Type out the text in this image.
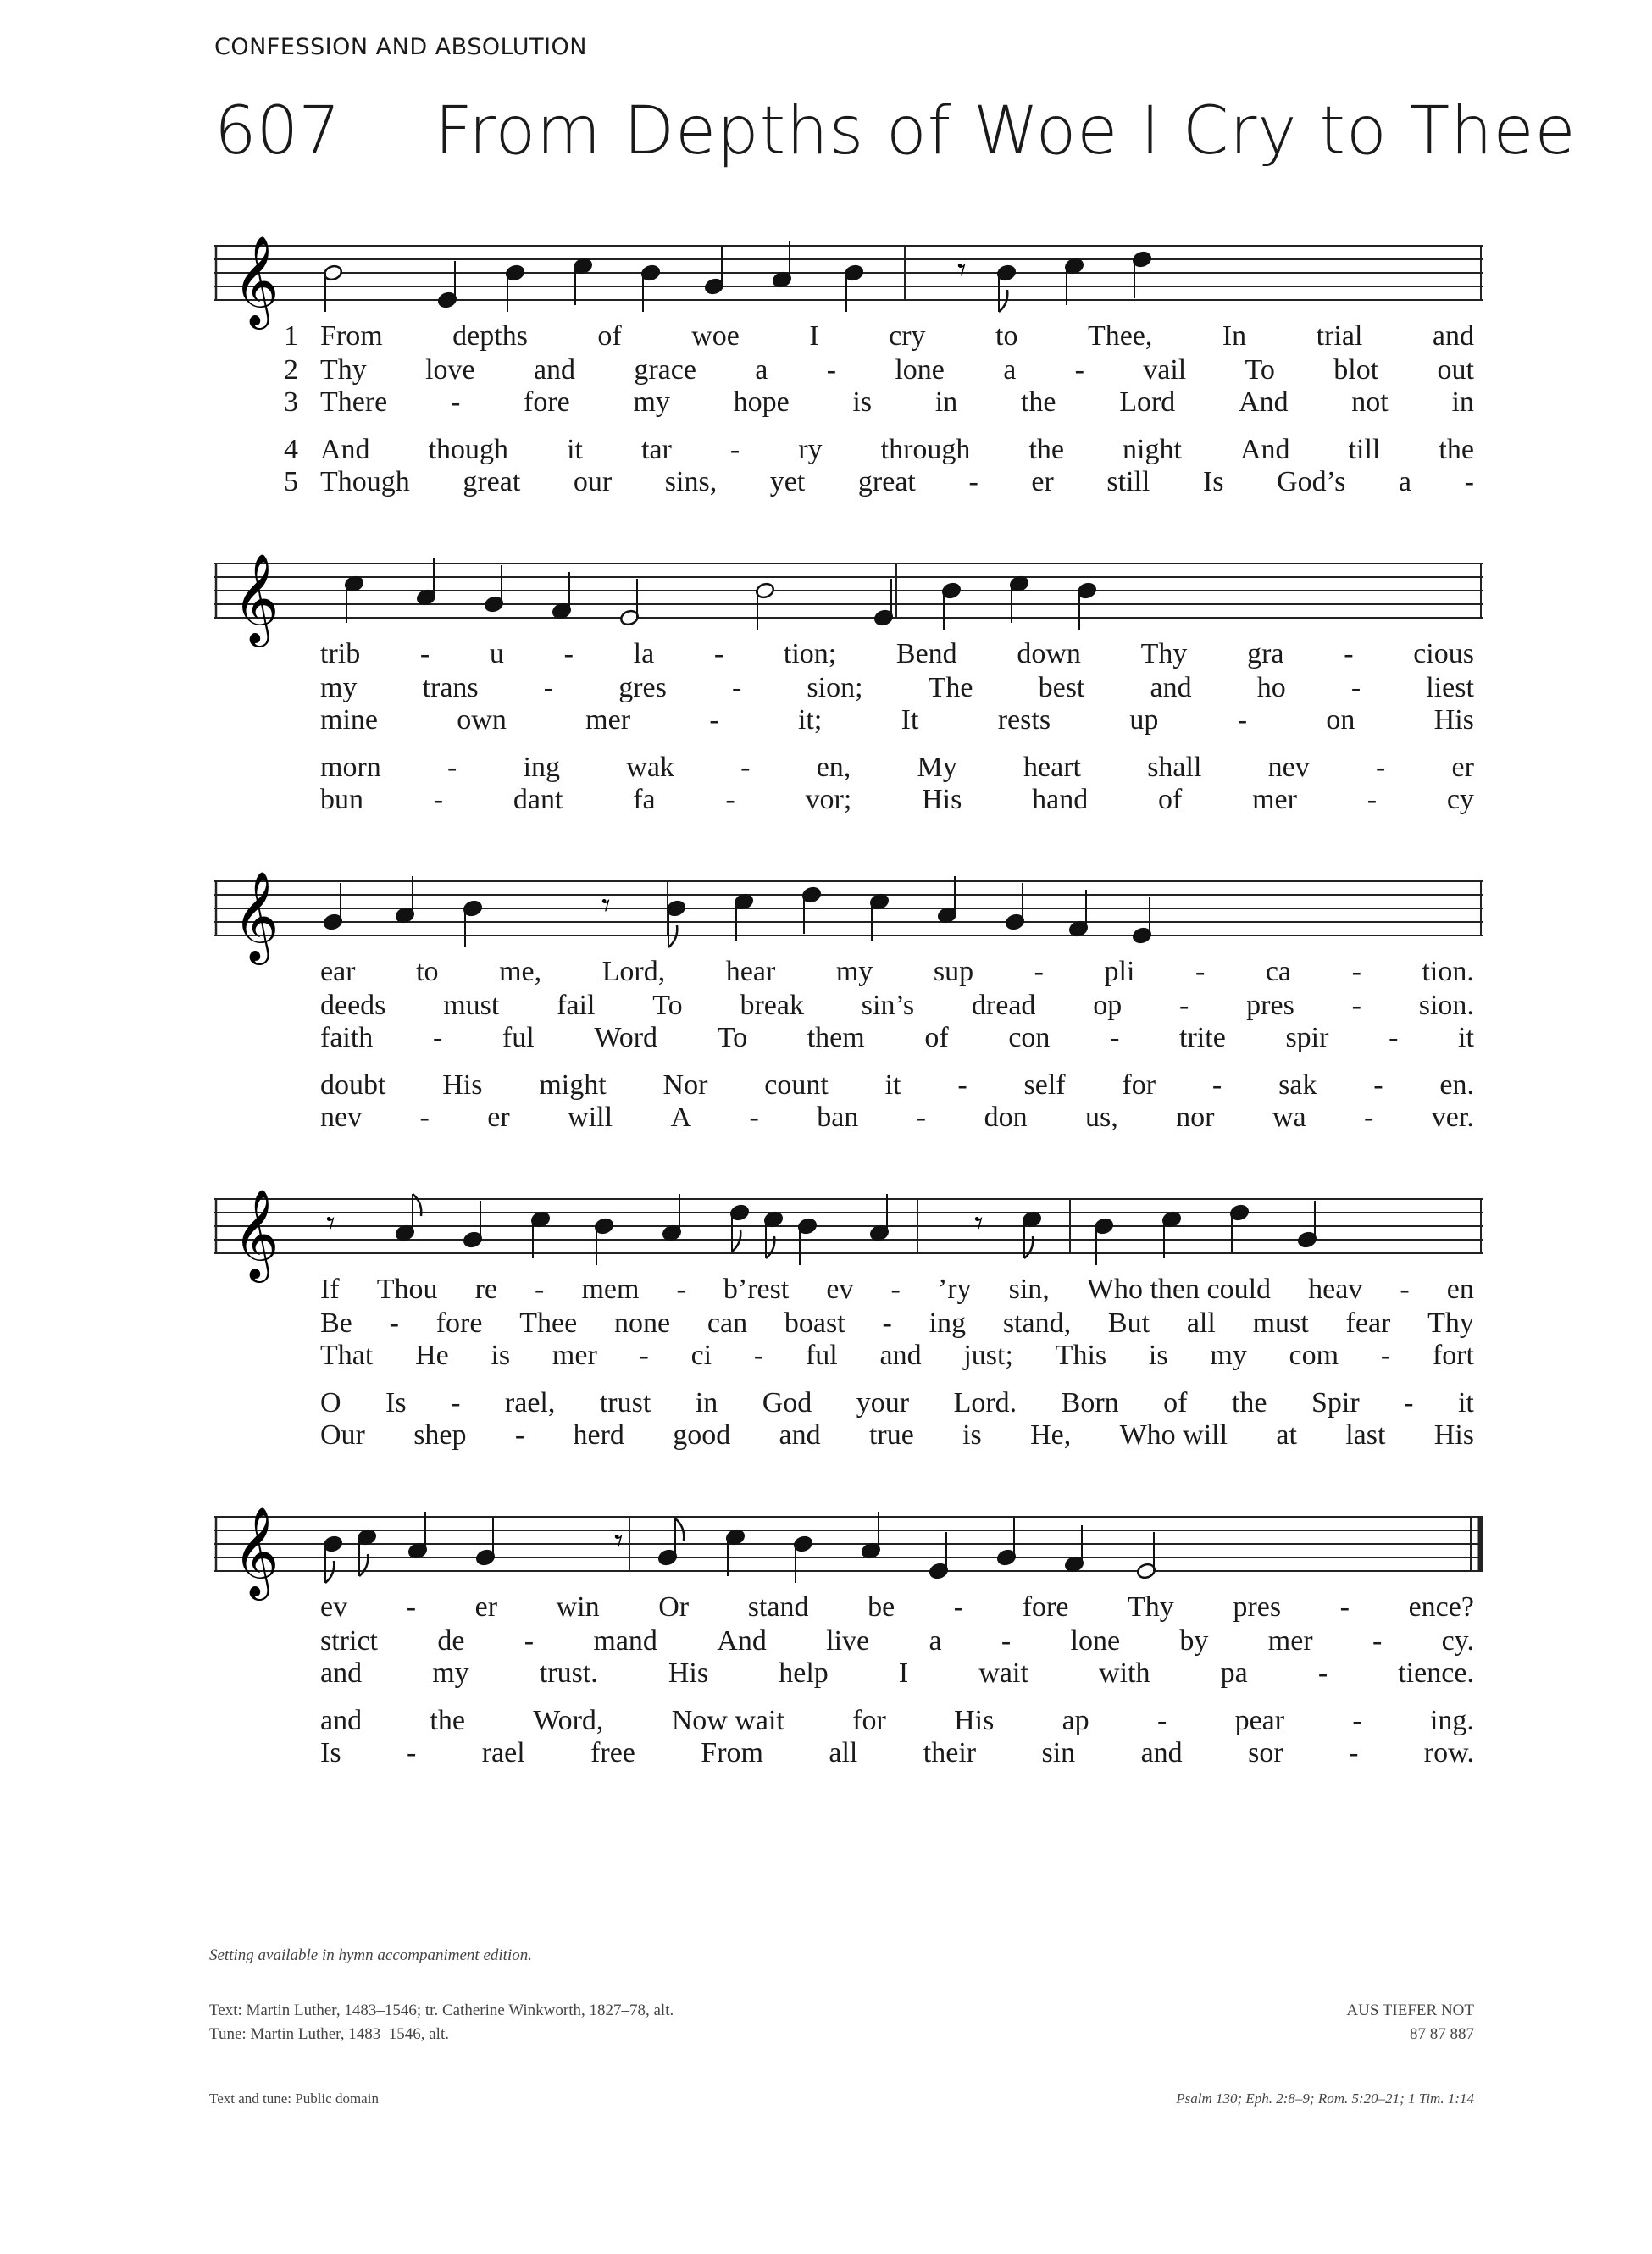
CONFESSION AND ABSOLUTION
607 From Depths of Woe I Cry to Thee
𝄞	𝄾
From depths of woe I cry to Thee, In trial and
1
Thy love and grace a - lone a - vail To blot out
2
There - fore my hope is in the Lord And not in
3
And though it tar - ry through the night And till the
4
Though great our sins, yet great - er still Is God’s a -
5
𝄞
trib - u - la - tion; Bend down Thy gra - cious
my trans - gres - sion; The best and ho - liest
mine	own	mer	-	it;	It	rests	up	-	on	His
morn - ing wak - en, My heart shall nev - er
bun - dant fa - vor; His hand of mer - cy
𝄞	𝄾
ear to me, Lord, hear my sup - pli - ca - tion.
deeds must fail To break sin’s dread op - pres - sion.
faith - ful Word To them of con - trite spir - it
doubt His might Nor count it - self for - sak - en.
nev - er will A - ban - don us, nor wa - ver.
𝄞 𝄾	𝄾
If Thou re - mem - b’rest ev - ’ry sin, Who then could heav - en
Be - fore Thee none can boast - ing stand, But all must fear Thy
That He is mer - ci - ful and just; This is my com - fort
O Is - rael, trust in God your Lord. Born of the Spir - it
Our shep - herd good and true is He, Who will at last His
𝄞	𝄾
ev - er win Or stand be - fore Thy pres - ence?
strict de - mand And live a - lone by mer - cy.
and my trust. His help I wait with pa - tience.
and the Word, Now wait for His ap - pear - ing.
Is - rael free From all their sin and sor - row.
Setting available in hymn accompaniment edition.
Text: Martin Luther, 1483–1546; tr. Catherine Winkworth, 1827–78, alt.
Tune: Martin Luther, 1483–1546, alt.
AUS TIEFER NOT
87 87 887
Text and tune: Public domain	Psalm 130; Eph. 2:8–9; Rom. 5:20–21; 1 Tim. 1:14
